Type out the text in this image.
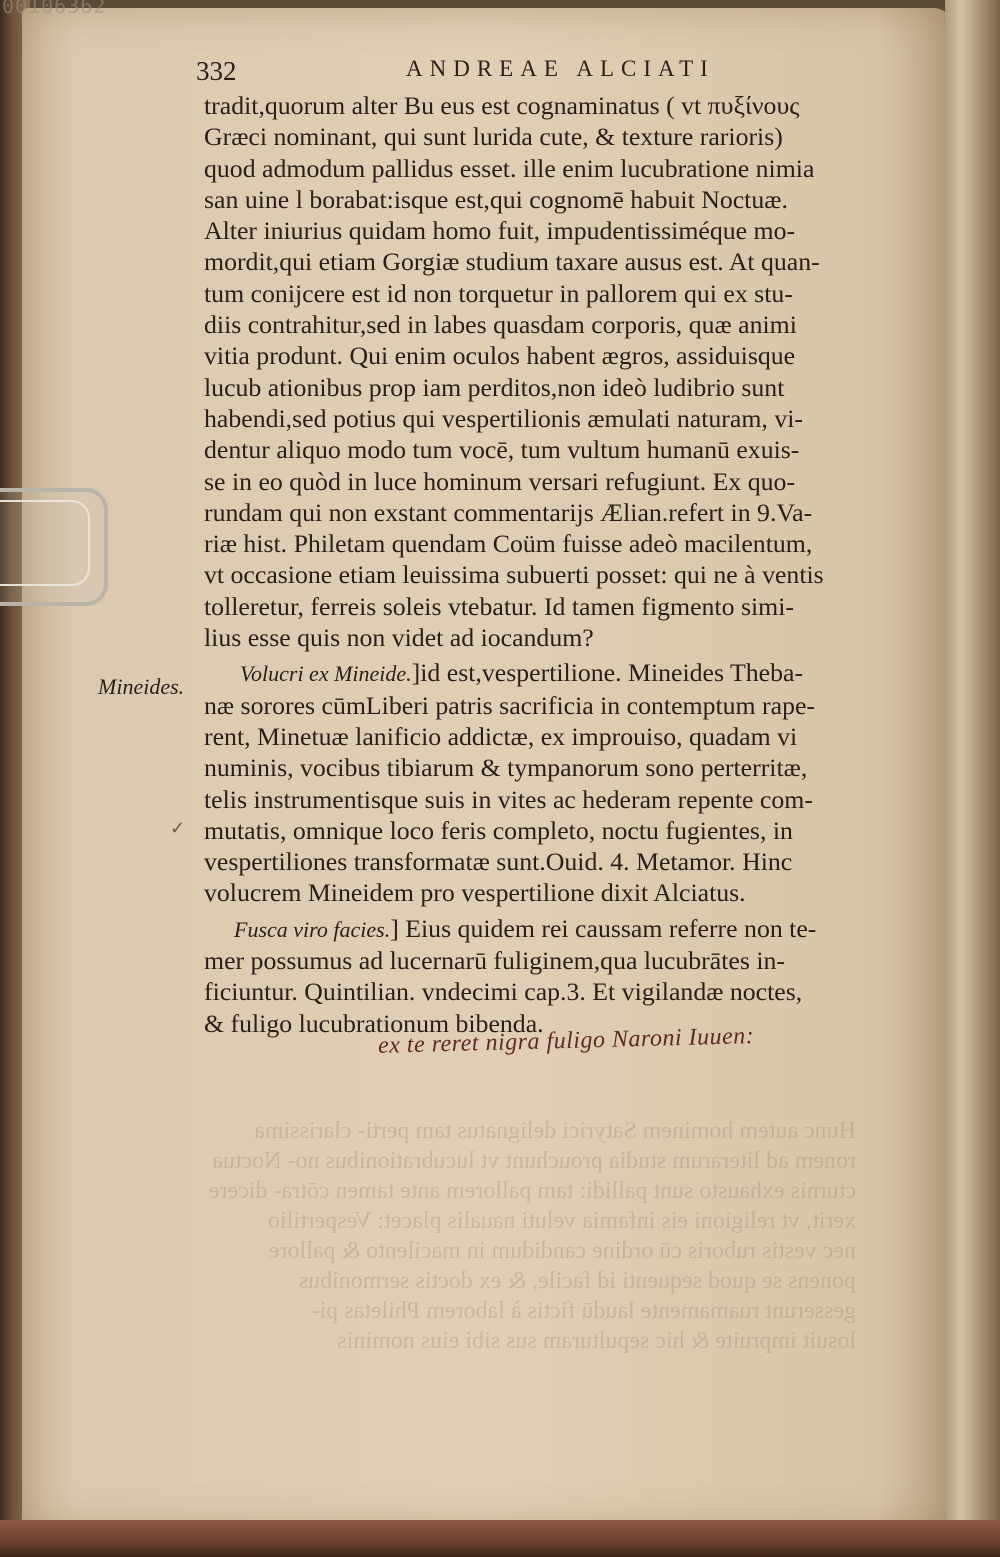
00106362
332	ANDREAE ALCIATI
tradit,quorum alter Bu eus est cognaminatus ( vt πυξίνους
Græci nominant, qui sunt lurida cute, & texture rarioris)
quod admodum pallidus esset. ille enim lucubratione nimia
san uine l borabat:isque est,qui cognomē habuit Noctuæ.
Alter iniurius quidam homo fuit, impudentissiméque mo-
mordit,qui etiam Gorgiæ studium taxare ausus est. At quan-
tum conijcere est id non torquetur in pallorem qui ex stu-
diis contrahitur,sed in labes quasdam corporis, quæ animi
vitia produnt. Qui enim oculos habent ægros, assiduisque
lucub ationibus prop iam perditos,non ideò ludibrio sunt
habendi,sed potius qui vespertilionis æmulati naturam, vi-
dentur aliquo modo tum vocē, tum vultum humanū exuis-
se in eo quòd in luce hominum versari refugiunt. Ex quo-
rundam qui non exstant commentarijs Ælian.refert in 9.Va-
riæ hist. Philetam quendam Coüm fuisse adeò macilentum,
vt occasione etiam leuissima subuerti posset: qui ne à ventis
tolleretur, ferreis soleis vtebatur. Id tamen figmento simi-
lius esse quis non videt ad iocandum?
Volucri ex Mineide.]id est,vespertilione. Mineides Theba-
næ sorores cūmLiberi patris sacrificia in contemptum rape-
rent, Minetuæ lanificio addictæ, ex improuiso, quadam vi
numinis, vocibus tibiarum & tympanorum sono perterritæ,
telis instrumentisque suis in vites ac hederam repente com-
mutatis, omnique loco feris completo, noctu fugientes, in
vespertiliones transformatæ sunt.Ouid. 4. Metamor. Hinc
volucrem Mineidem pro vespertilione dixit Alciatus.
Fusca viro facies.] Eius quidem rei caussam referre non te-
mer possumus ad lucernarū fuliginem,qua lucubrātes in-
ficiuntur. Quintilian. vndecimi cap.3. Et vigilandæ noctes,
& fuligo lucubrationum bibenda.
Mineides.
✓
ex te reret nigra fuligo Naroni Iuuen:
Hunc autem hominem Satyrici delignatus tam perti- clarissima
ronem ad literarum studia prouchunt vt lucubrationibus no- Noctua
cturnis exhausto sunt pallidi: tam pallorem ante tamen cōtra- dicere
xerit, vt religioni eis infamia veluti naualis placet: Vespertilio
nec vestis ruboris cū ordine candidum in macilento & pallore
ponens se quod sequenti id facile, & ex doctis sermonibus
gesserunt ruamamente laudū fictis à laborem Philetas pi-
losuit impruite & hic sepulturam sus sibi eius nominis
